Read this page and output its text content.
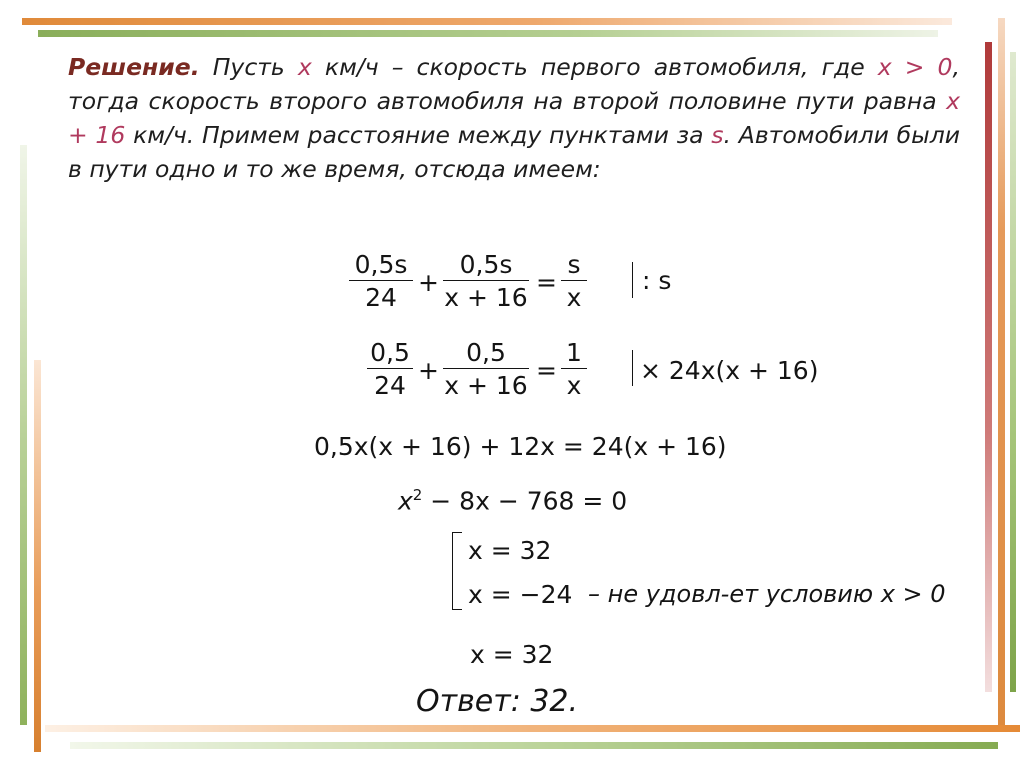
Решение. Пусть x км/ч – скорость первого автомобиля, где x > 0, тогда скорость второго автомобиля на второй половине пути равна x + 16 км/ч. Примем расстояние между пунктами за s. Автомобили были в пути одно и то же время, отсюда имеем:

0,5s
24
+
0,5s
x + 16
=
s
x
: s
0,5
24
+
0,5
x + 16
=
1
x
× 24x(x + 16)
0,5x(x + 16) + 12x = 24(x + 16)
$x^2 - 8x - 768 = 0$
x = 32
x = −24 – не удовл-ет условию x > 0
x = 32
Ответ: 32.
